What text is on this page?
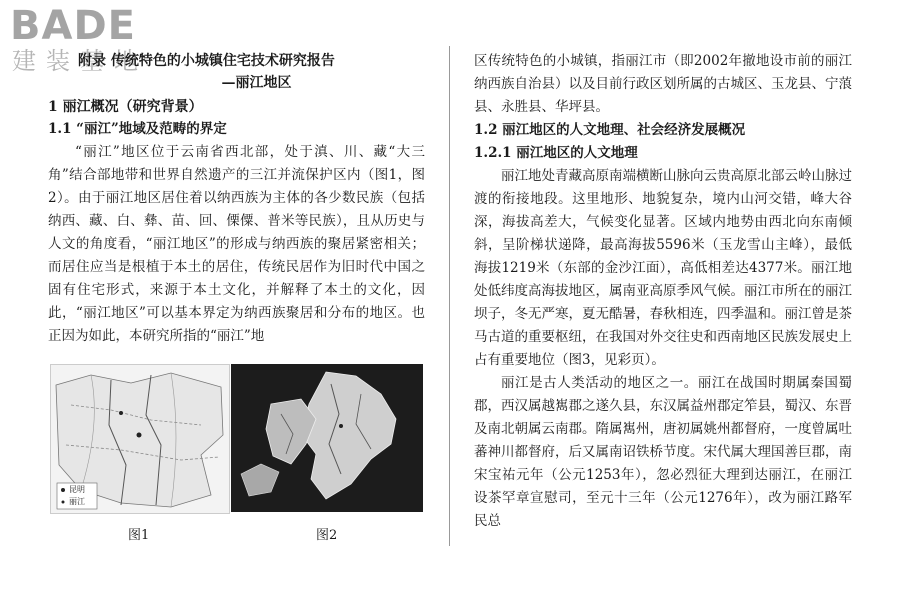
BADE
建装基地
附录 传统特色的小城镇住宅技术研究报告
—丽江地区
1 丽江概况（研究背景）
1.1 “丽江”地域及范畴的界定

“丽江”地区位于云南省西北部，处于滇、川、藏“大三角”结合部地带和世界自然遗产的三江并流保护区内（图1，图2）。由于丽江地区居住着以纳西族为主体的各少数民族（包括纳西、藏、白、彝、苗、回、傈僳、普米等民族），且从历史与人文的角度看，“丽江地区”的形成与纳西族的聚居紧密相关；而居住应当是根植于本土的居住，传统民居作为旧时代中国之固有住宅形式，来源于本土文化，并解释了本土的文化，因此，“丽江地区”可以基本界定为纳西族聚居和分布的地区。也正因为如此，本研究所指的“丽江”地

昆明
丽江
图1	图2

区传统特色的小城镇，指丽江市（即2002年撤地设市前的丽江纳西族自治县）以及目前行政区划所属的古城区、玉龙县、宁蒗县、永胜县、华坪县。

1.2 丽江地区的人文地理、社会经济发展概况
1.2.1 丽江地区的人文地理

丽江地处青藏高原南端横断山脉向云贵高原北部云岭山脉过渡的衔接地段。这里地形、地貌复杂，境内山河交错，峰大谷深，海拔高差大，气候变化显著。区域内地势由西北向东南倾斜，呈阶梯状递降，最高海拔5596米（玉龙雪山主峰），最低海拔1219米（东部的金沙江面），高低相差达4377米。丽江地处低纬度高海拔地区，属南亚高原季风气候。丽江市所在的丽江坝子，冬无严寒，夏无酷暑，春秋相连，四季温和。丽江曾是茶马古道的重要枢纽，在我国对外交往史和西南地区民族发展史上占有重要地位（图3，见彩页）。

丽江是古人类活动的地区之一。丽江在战国时期属秦国蜀郡，西汉属越嶲郡之遂久县，东汉属益州郡定笮县，蜀汉、东晋及南北朝属云南郡。隋属嶲州，唐初属姚州都督府，一度曾属吐蕃神川都督府，后又属南诏铁桥节度。宋代属大理国善巨郡，南宋宝祐元年（公元1253年），忽必烈征大理到达丽江，在丽江设茶罕章宣慰司，至元十三年（公元1276年），改为丽江路军民总
